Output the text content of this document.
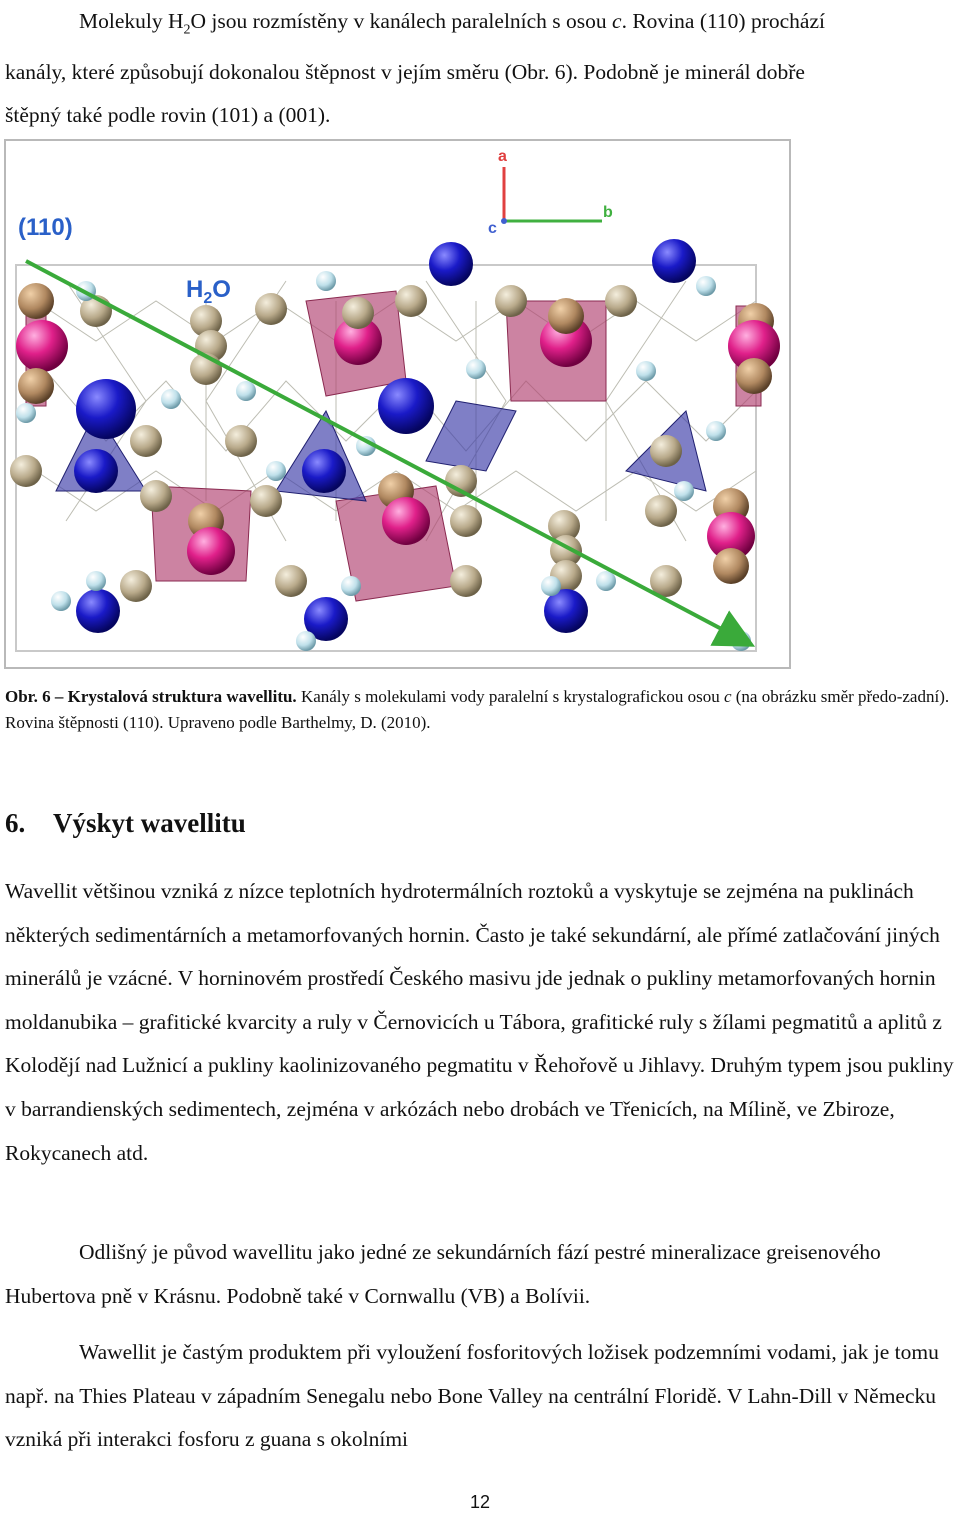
Molekuly $H_2O$ jsou rozmístěny v kanálech paralelních s osou c. Rovina (110) prochází
kanály, které způsobují dokonalou štěpnost v jejím směru (Obr. 6). Podobně je minerál dobře
štěpný také podle rovin (101) a (001).

(110)
$H_2O$
a
b
c

Obr. 6 – Krystalová struktura wavellitu. Kanály s molekulami vody paralelní s krystalografickou osou c (na obrázku směr předo-zadní). Rovina štěpnosti (110). Upraveno podle Barthelmy, D. (2010).

6. Výskyt wavellitu

Wavellit většinou vzniká z nízce teplotních hydrotermálních roztoků a vyskytuje se zejména na puklinách některých sedimentárních a metamorfovaných hornin. Často je také sekundární, ale přímé zatlačování jiných minerálů je vzácné. V horninovém prostředí Českého masivu jde jednak o pukliny metamorfovaných hornin moldanubika – grafitické kvarcity a ruly v Černovicích u Tábora, grafitické ruly s žílami pegmatitů a aplitů z Kolodějí nad Lužnicí a pukliny kaolinizovaného pegmatitu v Řehořově u Jihlavy. Druhým typem jsou pukliny v barrandienských sedimentech, zejména v arkózách nebo drobách ve Třenicích, na Mílině, ve Zbiroze, Rokycanech atd.

Odlišný je původ wavellitu jako jedné ze sekundárních fází pestré mineralizace greisenového Hubertova pně v Krásnu. Podobně také v Cornwallu (VB) a Bolívii.

Wawellit je častým produktem při vyloužení fosforitových ložisek podzemními vodami, jak je tomu např. na Thies Plateau v západním Senegalu nebo Bone Valley na centrální Floridě. V Lahn-Dill v Německu vzniká při interakci fosforu z guana s okolními

12
